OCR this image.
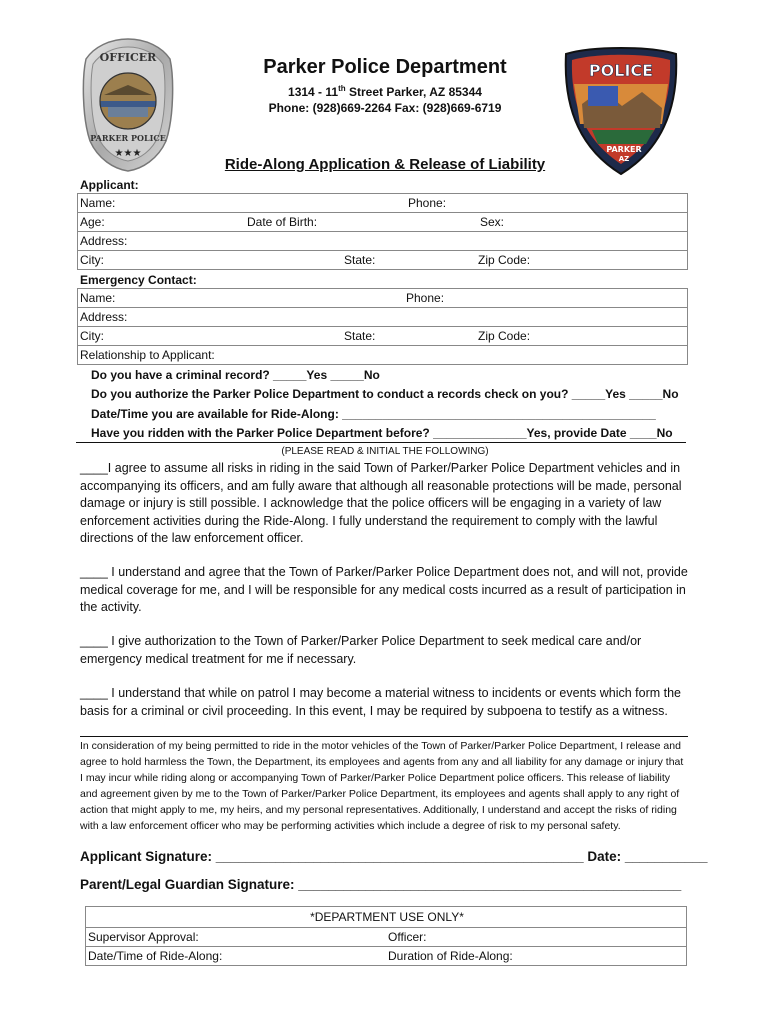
OFFICER
PARKER POLICE
★★★
POLICE
PARKER
AZ
Parker Police Department
1314 - 11th Street Parker, AZ 85344
Phone: (928)669-2264 Fax: (928)669-6719
Ride-Along Application & Release of Liability
Applicant:
Name:	Phone:

Age:	Date of Birth:	Sex:

Address:
City:	State:	Zip Code:
Emergency Contact:
Name:	Phone:

Address:
City:	State:	Zip Code:

Relationship to Applicant:
Do you have a criminal record? _____Yes _____No
Do you authorize the Parker Police Department to conduct a records check on you? _____Yes _____No
Date/Time you are available for Ride-Along: _______________________________________________
Have you ridden with the Parker Police Department before? ______________Yes, provide Date ____No
(PLEASE READ & INITIAL THE FOLLOWING)
____I agree to assume all risks in riding in the said Town of Parker/Parker Police Department vehicles and in accompanying its officers, and am fully aware that although all reasonable protections will be made, personal damage or injury is still possible. I acknowledge that the police officers will be engaging in a variety of law enforcement activities during the Ride-Along. I fully understand the requirement to comply with the lawful directions of the law enforcement officer.
____ I understand and agree that the Town of Parker/Parker Police Department does not, and will not, provide medical coverage for me, and I will be responsible for any medical costs incurred as a result of participation in the activity.
____ I give authorization to the Town of Parker/Parker Police Department to seek medical care and/or emergency medical treatment for me if necessary.
____ I understand that while on patrol I may become a material witness to incidents or events which form the basis for a criminal or civil proceeding. In this event, I may be required by subpoena to testify as a witness.
In consideration of my being permitted to ride in the motor vehicles of the Town of Parker/Parker Police Department, I release and agree to hold harmless the Town, the Department, its employees and agents from any and all liability for any damage or injury that I may incur while riding along or accompanying Town of Parker/Parker Police Department police officers. This release of liability and agreement given by me to the Town of Parker/Parker Police Department, its employees and agents shall apply to any right of action that might apply to me, my heirs, and my personal representatives. Additionally, I understand and accept the risks of riding with a law enforcement officer who may be performing activities which include a degree of risk to my personal safety.
Applicant Signature: _________________________________________________ Date: ___________
Parent/Legal Guardian Signature: ___________________________________________________
*DEPARTMENT USE ONLY*	
Supervisor Approval:	Officer:
Date/Time of Ride-Along:	Duration of Ride-Along:
